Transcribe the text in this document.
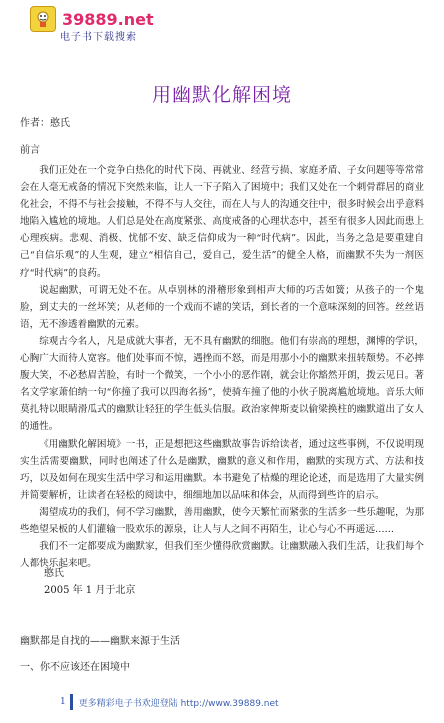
39889.net
电子书下载搜索
用幽默化解困境
作者：憨氏
前言

我们正处在一个竞争白热化的时代下岗、再就业、经营亏损、家庭矛盾、子女问题等等常常会在人毫无戒备的情况下突然来临，让人一下子陷入了困境中；我们又处在一个刺骨群居的商业化社会，不得不与社会接触，不得不与人交往，而在人与人的沟通交往中，很多时候会出乎意料地陷入尴尬的境地。人们总是处在高度紧张、高度戒备的心理状态中，甚至有很多人因此而患上心理疾病。悲观、消极、忧郁不安、缺乏信仰成为一种“时代病”。因此，当务之急是要重建自己“自信乐观”的人生观，建立“相信自己，爱自己，爱生活”的健全人格，而幽默不失为一剂医疗“时代病”的良药。

说起幽默，可谓无处不在。从卓别林的滑稽形象到相声大师的巧舌如簧；从孩子的一个鬼脸，到丈夫的一丝坏笑；从老师的一个戏而不谑的笑话，到长者的一个意味深刻的回答。丝丝语语，无不渗透着幽默的元素。

综观古今名人，凡是成就大事者，无不具有幽默的细胞。他们有崇高的理想，渊博的学识，心胸广大而待人宽容。他们处事而不惊，遇挫而不怒，而是用那小小的幽默来扭转颓势。不必摔腹大笑，不必愁眉苦脸，有时一个微笑，一个小小的恶作剧，就会让你豁然开朗，拨云见日。著名文学家萧伯纳一句“你撞了我可以四海名扬”，使骑车撞了他的小伙子脱离尴尬境地。音乐大师莫扎特以眼睛滑瓜式的幽默让轻狂的学生低头信服。政治家俾斯麦以偷梁换柱的幽默道出了女人的通性。

《用幽默化解困境》一书，正是想把这些幽默故事告诉给读者，通过这些事例，不仅说明现实生活需要幽默，同时也阐述了什么是幽默，幽默的意义和作用，幽默的实现方式、方法和技巧，以及如何在现实生活中学习和运用幽默。本书避免了枯燥的理论论述，而是选用了大量实例并简要解析，让读者在轻松的阅读中，细细地加以品味和体会，从而得到些许的启示。

渴望成功的我们，何不学习幽默，善用幽默，使今天繁忙而紧张的生活多一些乐趣呢，为那些绝望呆板的人们灌输一股欢乐的源泉，让人与人之间不再陌生，让心与心不再遥远……

我们不一定都要成为幽默家，但我们至少懂得欣赏幽默。让幽默融入我们生活，让我们每个人都快乐起来吧。

憨氏
2005 年 1 月于北京
幽默都是自找的——幽默来源于生活
一、你不应该还在困境中
1 更多精彩电子书欢迎登陆 http://www.39889.net
